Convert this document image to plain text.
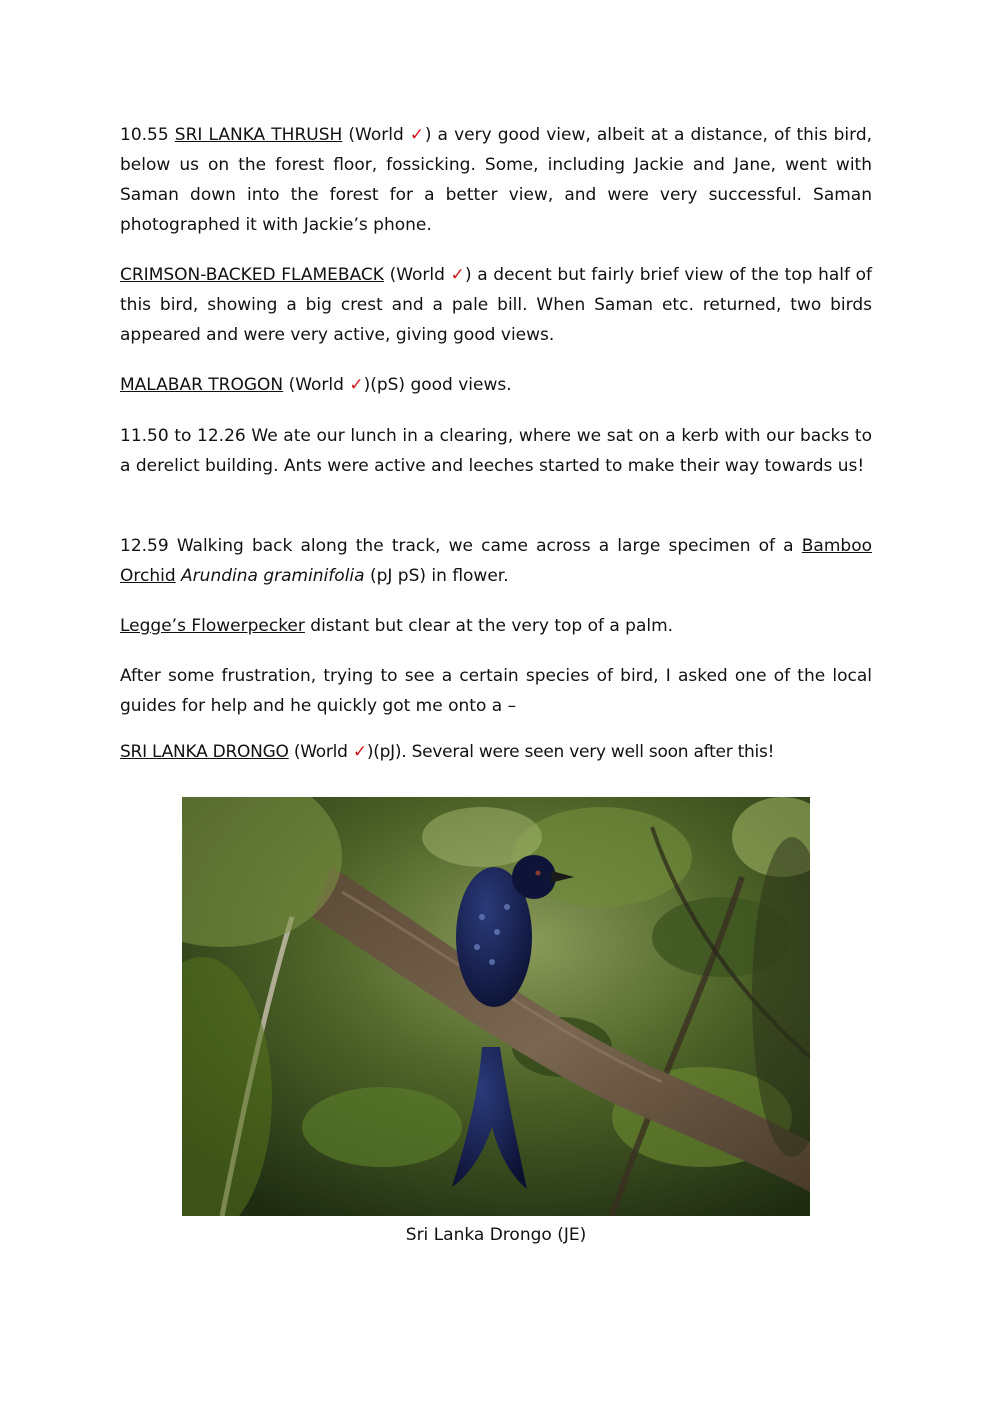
10.55 SRI LANKA THRUSH (World ✓) a very good view, albeit at a distance, of this bird, below us on the forest floor, fossicking. Some, including Jackie and Jane, went with Saman down into the forest for a better view, and were very successful. Saman photographed it with Jackie’s phone.

CRIMSON-BACKED FLAMEBACK (World ✓) a decent but fairly brief view of the top half of this bird, showing a big crest and a pale bill. When Saman etc. returned, two birds appeared and were very active, giving good views.

MALABAR TROGON (World ✓)(pS) good views.

11.50 to 12.26 We ate our lunch in a clearing, where we sat on a kerb with our backs to a derelict building. Ants were active and leeches started to make their way towards us!

12.59 Walking back along the track, we came across a large specimen of a Bamboo Orchid Arundina graminifolia (pJ pS) in flower.

Legge’s Flowerpecker distant but clear at the very top of a palm.

After some frustration, trying to see a certain species of bird, I asked one of the local guides for help and he quickly got me onto a –

SRI LANKA DRONGO (World ✓)(pJ). Several were seen very well soon after this!

Sri Lanka Drongo (JE)
